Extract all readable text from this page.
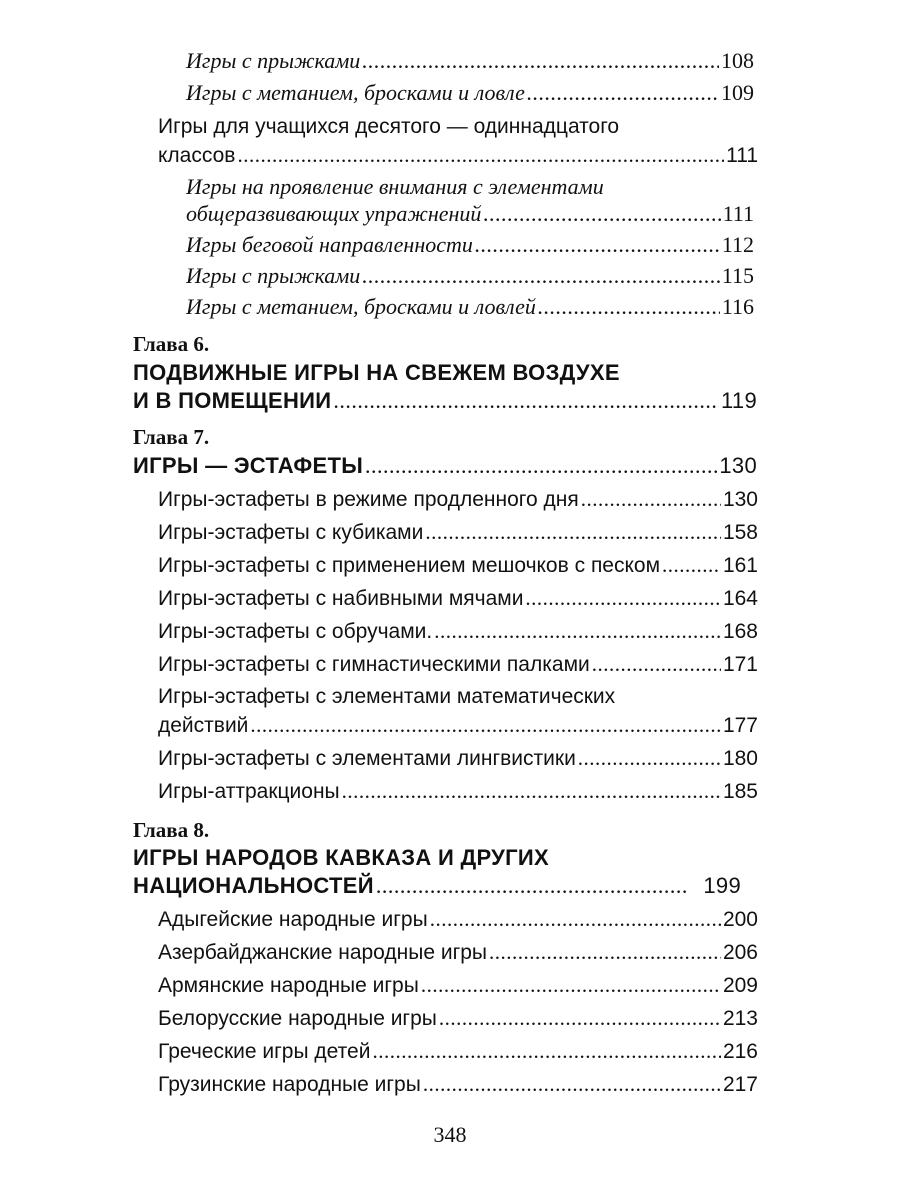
Игры с прыжками .....	108
Игры с метанием, бросками и ловле .....	109
Игры для учащихся десятого — одиннадцатого
классов .....	111
Игры на проявление внимания с элементами
общеразвивающих упражнений .....	111
Игры беговой направленности .....	112
Игры с прыжками .....	115
Игры с метанием, бросками и ловлей .....	116
Глава 6.
ПОДВИЖНЫЕ ИГРЫ НА СВЕЖЕМ ВОЗДУХЕ
И В ПОМЕЩЕНИИ .....	119
Глава 7.
ИГРЫ — ЭСТАФЕТЫ .....	130
Игры-эстафеты в режиме продленного дня .....	130
Игры-эстафеты с кубиками .....	158
Игры-эстафеты с применением мешочков с песком .....	161
Игры-эстафеты с набивными мячами .....	164
Игры-эстафеты с обручами. .....	168
Игры-эстафеты с гимнастическими палками .....	171
Игры-эстафеты с элементами математических
действий .....	177
Игры-эстафеты с элементами лингвистики .....	180
Игры-аттракционы .....	185
Глава 8.
ИГРЫ НАРОДОВ КАВКАЗА И ДРУГИХ
НАЦИОНАЛЬНОСТЕЙ .....	199
Адыгейские народные игры .....	200
Азербайджанские народные игры .....	206
Армянские народные игры .....	209
Белорусские народные игры .....	213
Греческие игры детей .....	216
Грузинские народные игры .....	217
348
